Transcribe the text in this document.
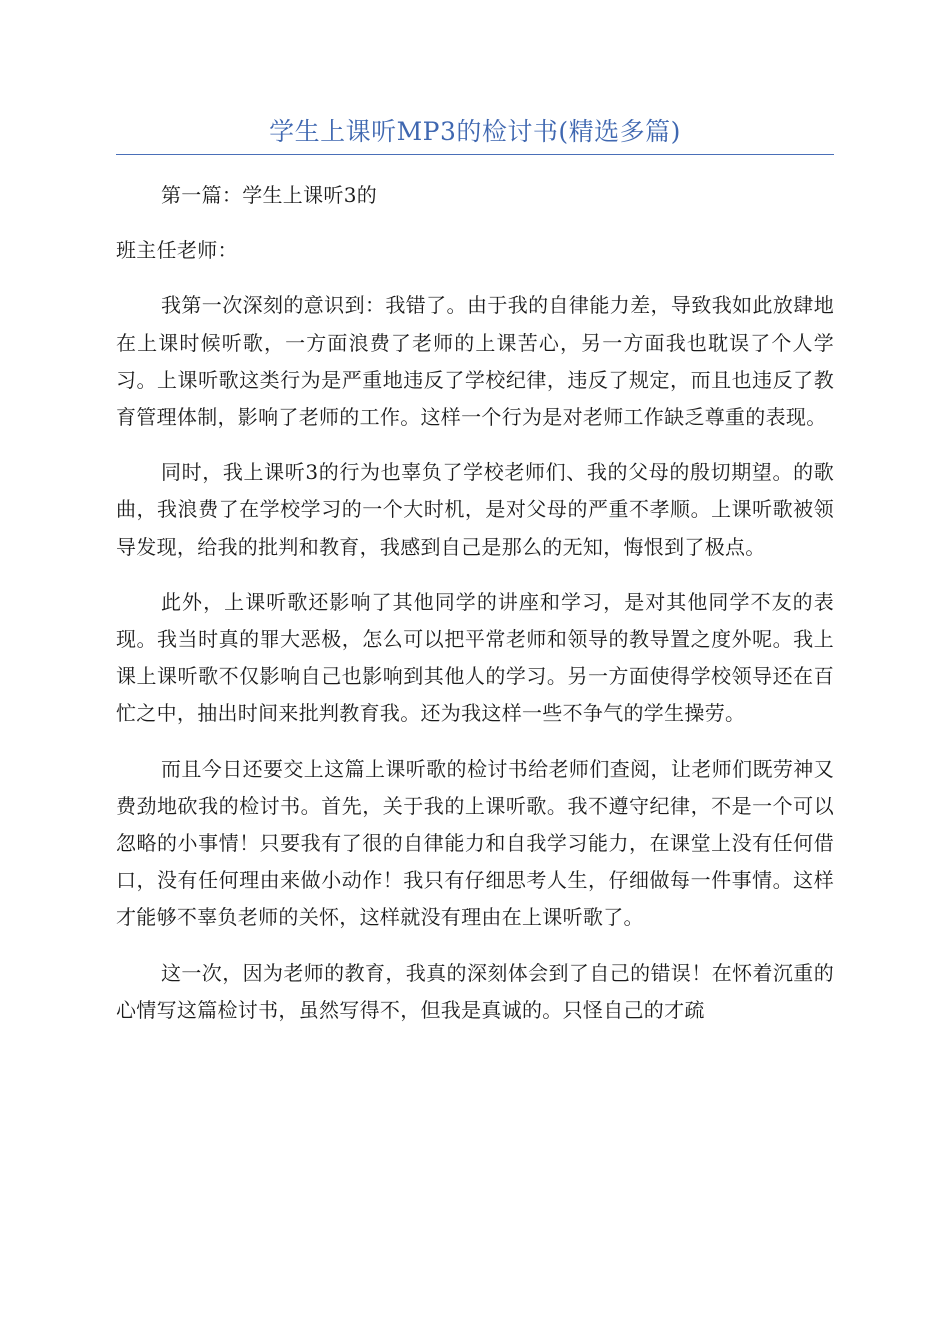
学生上课听MP3的检讨书(精选多篇)

第一篇：学生上课听3的

班主任老师：

我第一次深刻的意识到：我错了。由于我的自律能力差，导致我如此放肆地在上课时候听歌，一方面浪费了老师的上课苦心，另一方面我也耽误了个人学习。上课听歌这类行为是严重地违反了学校纪律，违反了规定，而且也违反了教育管理体制，影响了老师的工作。这样一个行为是对老师工作缺乏尊重的表现。

同时，我上课听3的行为也辜负了学校老师们、我的父母的殷切期望。的歌曲，我浪费了在学校学习的一个大时机，是对父母的严重不孝顺。上课听歌被领导发现，给我的批判和教育，我感到自己是那么的无知，悔恨到了极点。

此外，上课听歌还影响了其他同学的讲座和学习，是对其他同学不友的表现。我当时真的罪大恶极，怎么可以把平常老师和领导的教导置之度外呢。我上课上课听歌不仅影响自己也影响到其他人的学习。另一方面使得学校领导还在百忙之中，抽出时间来批判教育我。还为我这样一些不争气的学生操劳。

而且今日还要交上这篇上课听歌的检讨书给老师们查阅，让老师们既劳神又费劲地砍我的检讨书。首先，关于我的上课听歌。我不遵守纪律，不是一个可以忽略的小事情！只要我有了很的自律能力和自我学习能力，在课堂上没有任何借口，没有任何理由来做小动作！我只有仔细思考人生，仔细做每一件事情。这样才能够不辜负老师的关怀，这样就没有理由在上课听歌了。

这一次，因为老师的教育，我真的深刻体会到了自己的错误！在怀着沉重的心情写这篇检讨书，虽然写得不，但我是真诚的。只怪自己的才疏
